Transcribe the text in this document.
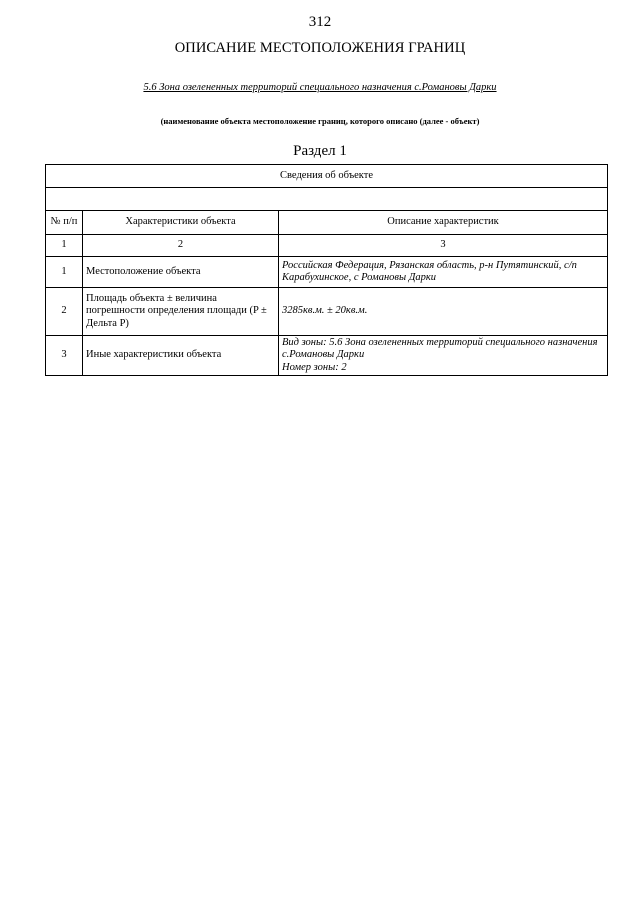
312
ОПИСАНИЕ МЕСТОПОЛОЖЕНИЯ ГРАНИЦ
5.6 Зона озелененных территорий специального назначения с.Романовы Дарки
(наименование объекта местоположение границ, которого описано (далее - объект)
Раздел 1
Сведения об объекте		

№ п/п	Характеристики объекта	Описание характеристик
1	2	3
1	Местоположение объекта	Российская Федерация, Рязанская область, р-н Путятинский, с/п Карабухинское, с Романовы Дарки
2	Площадь объекта ± величина погрешности определения площади (P ± Дельта P)	3285кв.м. ± 20кв.м.
3	Иные характеристики объекта	Вид зоны: 5.6 Зона озелененных территорий специального назначения с.Романовы Дарки
Номер зоны: 2
